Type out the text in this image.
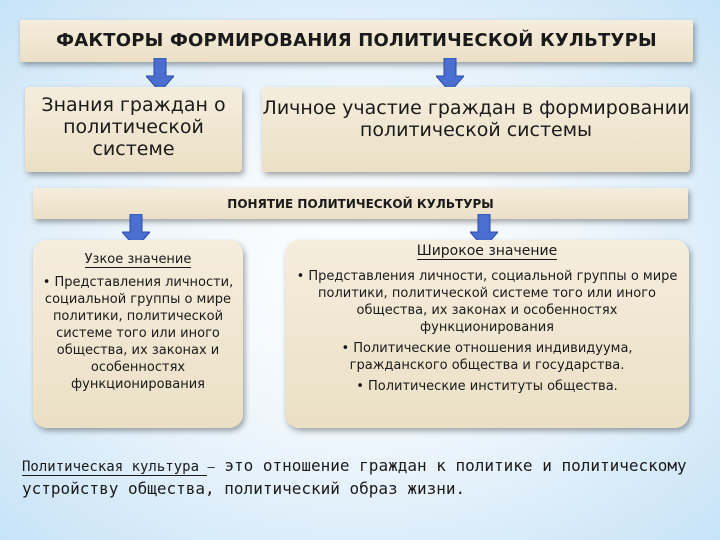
ФАКТОРЫ ФОРМИРОВАНИЯ ПОЛИТИЧЕСКОЙ КУЛЬТУРЫ
Знания граждан о политической системе
Личное участие граждан в формировании политической системы
ПОНЯТИЕ ПОЛИТИЧЕСКОЙ КУЛЬТУРЫ
Узкое значение
• Представления личности, социальной группы о мире политики, политической системе того или иного общества, их законах и особенностях функционирования
Широкое значение
• Представления личности, социальной группы о мире политики, политической системе того или иного общества, их законах и особенностях функционирования
• Политические отношения индивидуума, гражданского общества и государства.
• Политические институты общества.
Политическая культура – это отношение граждан к политике и политическому
устройству общества, политический образ жизни.
